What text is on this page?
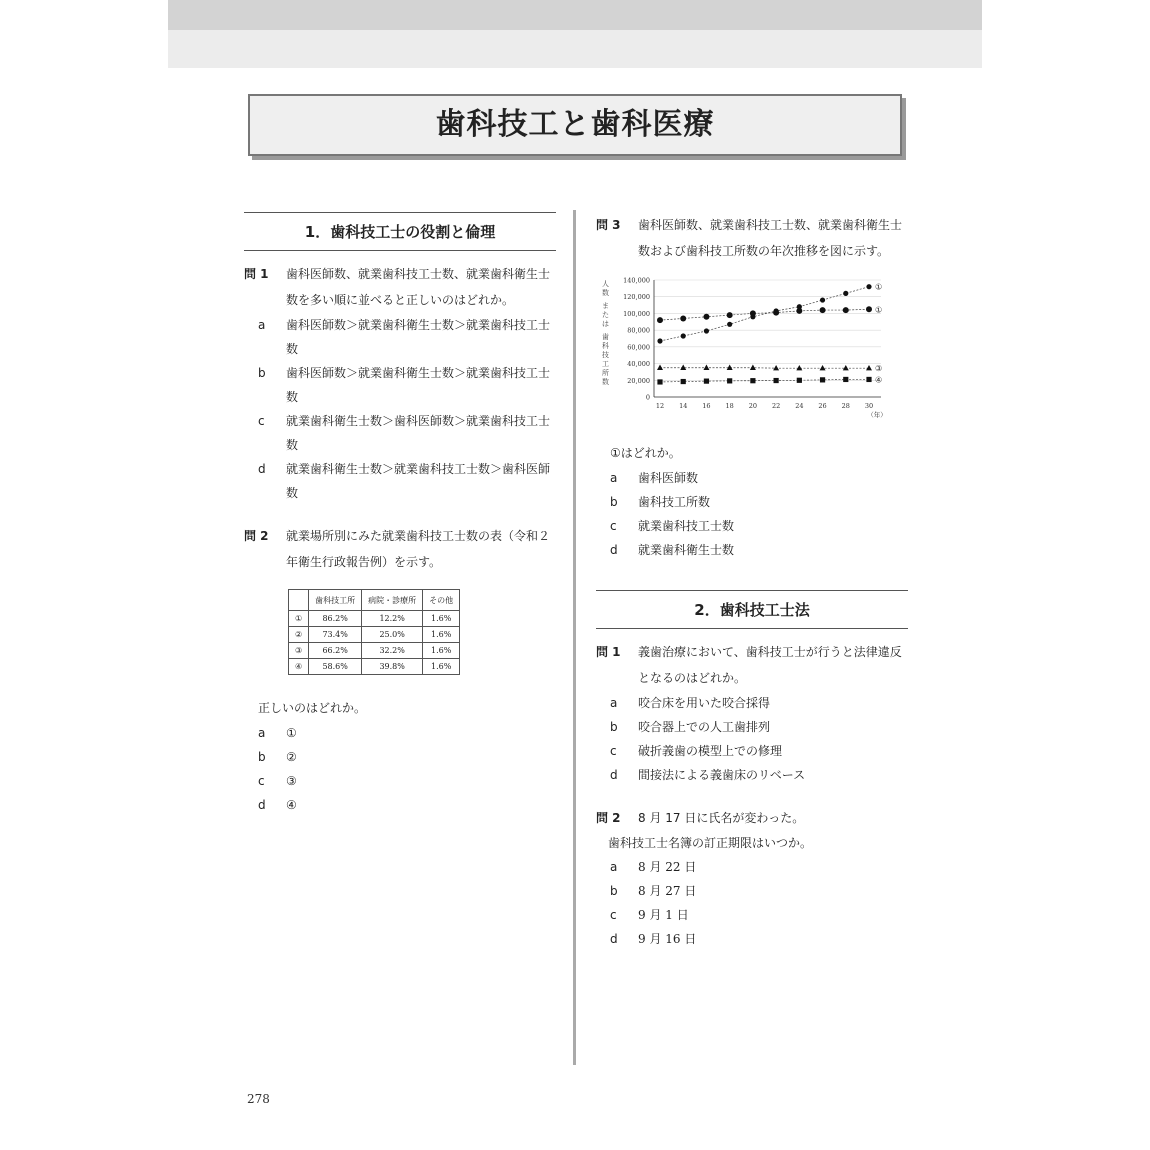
歯科技工と歯科医療
1．歯科技工士の役割と倫理
問 1	歯科医師数、就業歯科技工士数、就業歯科衛生士数を多い順に並べると正しいのはどれか。
a	歯科医師数＞就業歯科衛生士数＞就業歯科技工士数
b	歯科医師数＞就業歯科衛生士数＞就業歯科技工士数
c	就業歯科衛生士数＞歯科医師数＞就業歯科技工士数
d	就業歯科衛生士数＞就業歯科技工士数＞歯科医師数
問 2	就業場所別にみた就業歯科技工士数の表（令和２年衛生行政報告例）を示す。
	歯科技工所	病院・診療所	その他
①	86.2%	12.2%	1.6%
②	73.4%	25.0%	1.6%
③	66.2%	32.2%	1.6%
④	58.6%	39.8%	1.6%
正しいのはどれか。
a	①
b	②
c	③
d	④
問 3	歯科医師数、就業歯科技工士数、就業歯科衛生士数および歯科技工所数の年次推移を図に示す。
人
数
ま
た
は
歯
科
技
工
所
数
0
20,000
40,000
60,000
80,000
100,000
120,000
140,000
12 14 16 18 20 22 24 26 28 30
（年）
①
①
③
④
①はどれか。
a	歯科医師数
b	歯科技工所数
c	就業歯科技工士数
d	就業歯科衛生士数
2．歯科技工士法
問 1	義歯治療において、歯科技工士が行うと法律違反となるのはどれか。
a	咬合床を用いた咬合採得
b	咬合器上での人工歯排列
c	破折義歯の模型上での修理
d	間接法による義歯床のリベース
問 2	8 月 17 日に氏名が変わった。
歯科技工士名簿の訂正期限はいつか。
a	8 月 22 日
b	8 月 27 日
c	9 月 1 日
d	9 月 16 日
278
